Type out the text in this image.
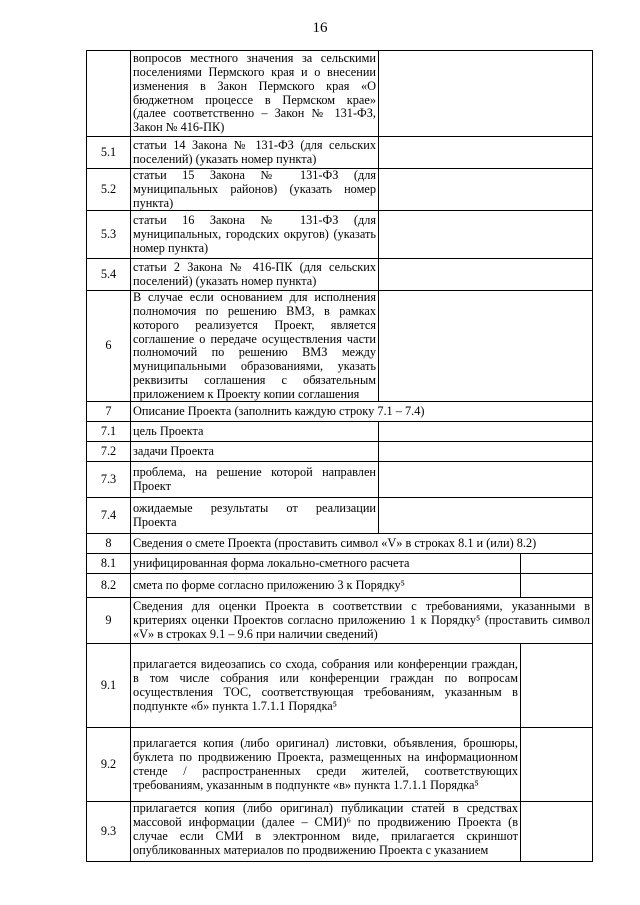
16
	вопросов местного значения за сельскими поселениями Пермского края и о внесении изменения в Закон Пермского края «О бюджетном процессе в Пермском крае» (далее соответственно – Закон № 131-ФЗ, Закон № 416-ПК)		
5.1	статьи 14 Закона № 131-ФЗ (для сельских поселений) (указать номер пункта)		
5.2	статьи 15 Закона № 131-ФЗ (для муниципальных районов) (указать номер пункта)		
5.3	статьи 16 Закона № 131-ФЗ (для муниципальных, городских округов) (указать номер пункта)		
5.4	статьи 2 Закона № 416-ПК (для сельских поселений) (указать номер пункта)		
6	В случае если основанием для исполнения полномочия по решению ВМЗ, в рамках которого реализуется Проект, является соглашение о передаче осуществления части полномочий по решению ВМЗ между муниципальными образованиями, указать реквизиты соглашения с обязательным приложением к Проекту копии соглашения		
7	Описание Проекта (заполнить каждую строку 7.1 – 7.4)		
7.1	цель Проекта		
7.2	задачи Проекта		
7.3	проблема, на решение которой направлен Проект		
7.4	ожидаемые результаты от реализации Проекта		
8	Сведения о смете Проекта (проставить символ «V» в строках 8.1 и (или) 8.2)		
8.1	унифицированная форма локально-сметного расчета		
8.2	смета по форме согласно приложению 3 к Порядку⁵		
9	Сведения для оценки Проекта в соответствии с требованиями, указанными в критериях оценки Проектов согласно приложению 1 к Порядку⁵ (проставить символ «V» в строках 9.1 – 9.6 при наличии сведений)		
9.1	прилагается видеозапись со схода, собрания или конференции граждан, в том числе собрания или конференции граждан по вопросам осуществления ТОС, соответствующая требованиям, указанным в подпункте «б» пункта 1.7.1.1 Порядка⁵		
9.2	прилагается копия (либо оригинал) листовки, объявления, брошюры, буклета по продвижению Проекта, размещенных на информационном стенде / распространенных среди жителей, соответствующих требованиям, указанным в подпункте «в» пункта 1.7.1.1 Порядка⁵		
9.3	прилагается копия (либо оригинал) публикации статей в средствах массовой информации (далее – СМИ)⁶ по продвижению Проекта (в случае если СМИ в электронном виде, прилагается скриншот опубликованных материалов по продвижению Проекта с указанием		
